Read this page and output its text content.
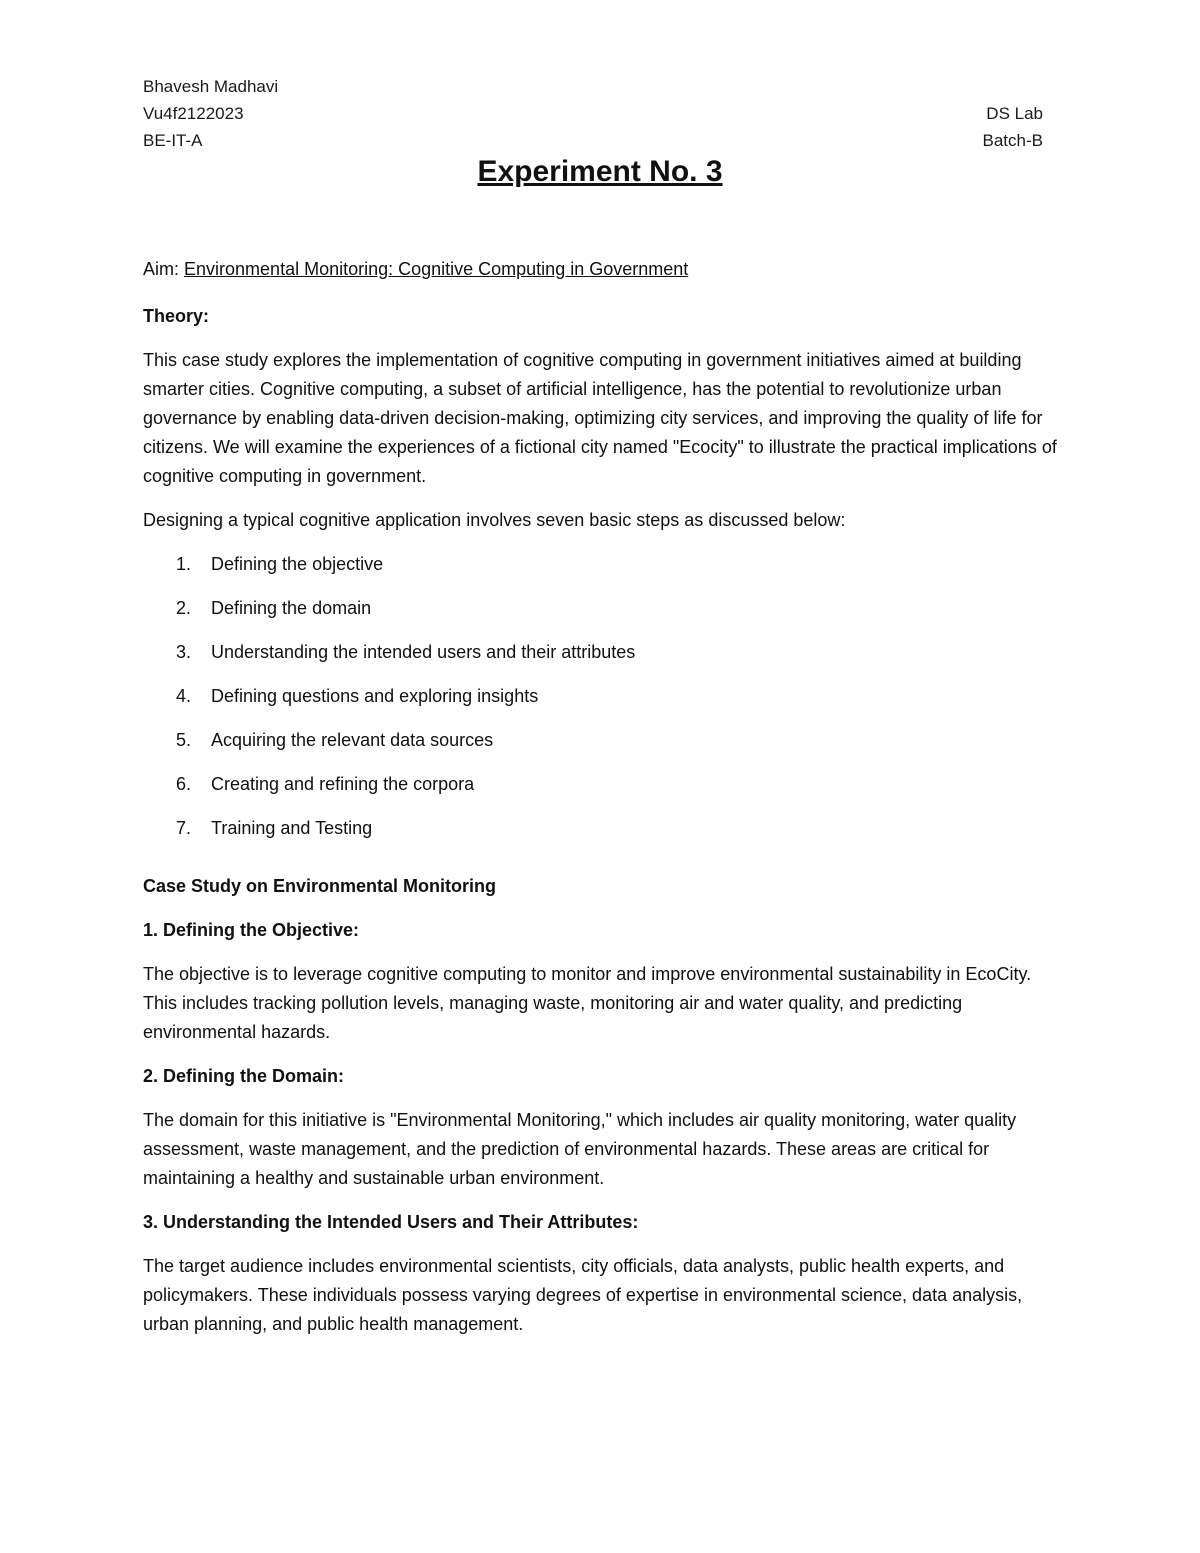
Bhavesh Madhavi
Vu4f2122023
BE-IT-A
DS Lab
Batch-B
Experiment No. 3

Aim: Environmental Monitoring: Cognitive Computing in Government

Theory:

This case study explores the implementation of cognitive computing in government initiatives aimed at building smarter cities. Cognitive computing, a subset of artificial intelligence, has the potential to revolutionize urban governance by enabling data-driven decision-making, optimizing city services, and improving the quality of life for citizens. We will examine the experiences of a fictional city named "Ecocity" to illustrate the practical implications of cognitive computing in government.

Designing a typical cognitive application involves seven basic steps as discussed below:

1.	Defining the objective
2.	Defining the domain
3.	Understanding the intended users and their attributes
4.	Defining questions and exploring insights
5.	Acquiring the relevant data sources
6.	Creating and refining the corpora
7.	Training and Testing

Case Study on Environmental Monitoring

1. Defining the Objective:

The objective is to leverage cognitive computing to monitor and improve environmental sustainability in EcoCity. This includes tracking pollution levels, managing waste, monitoring air and water quality, and predicting environmental hazards.

2. Defining the Domain:

The domain for this initiative is "Environmental Monitoring," which includes air quality monitoring, water quality assessment, waste management, and the prediction of environmental hazards. These areas are critical for maintaining a healthy and sustainable urban environment.

3. Understanding the Intended Users and Their Attributes:

The target audience includes environmental scientists, city officials, data analysts, public health experts, and policymakers. These individuals possess varying degrees of expertise in environmental science, data analysis, urban planning, and public health management.
